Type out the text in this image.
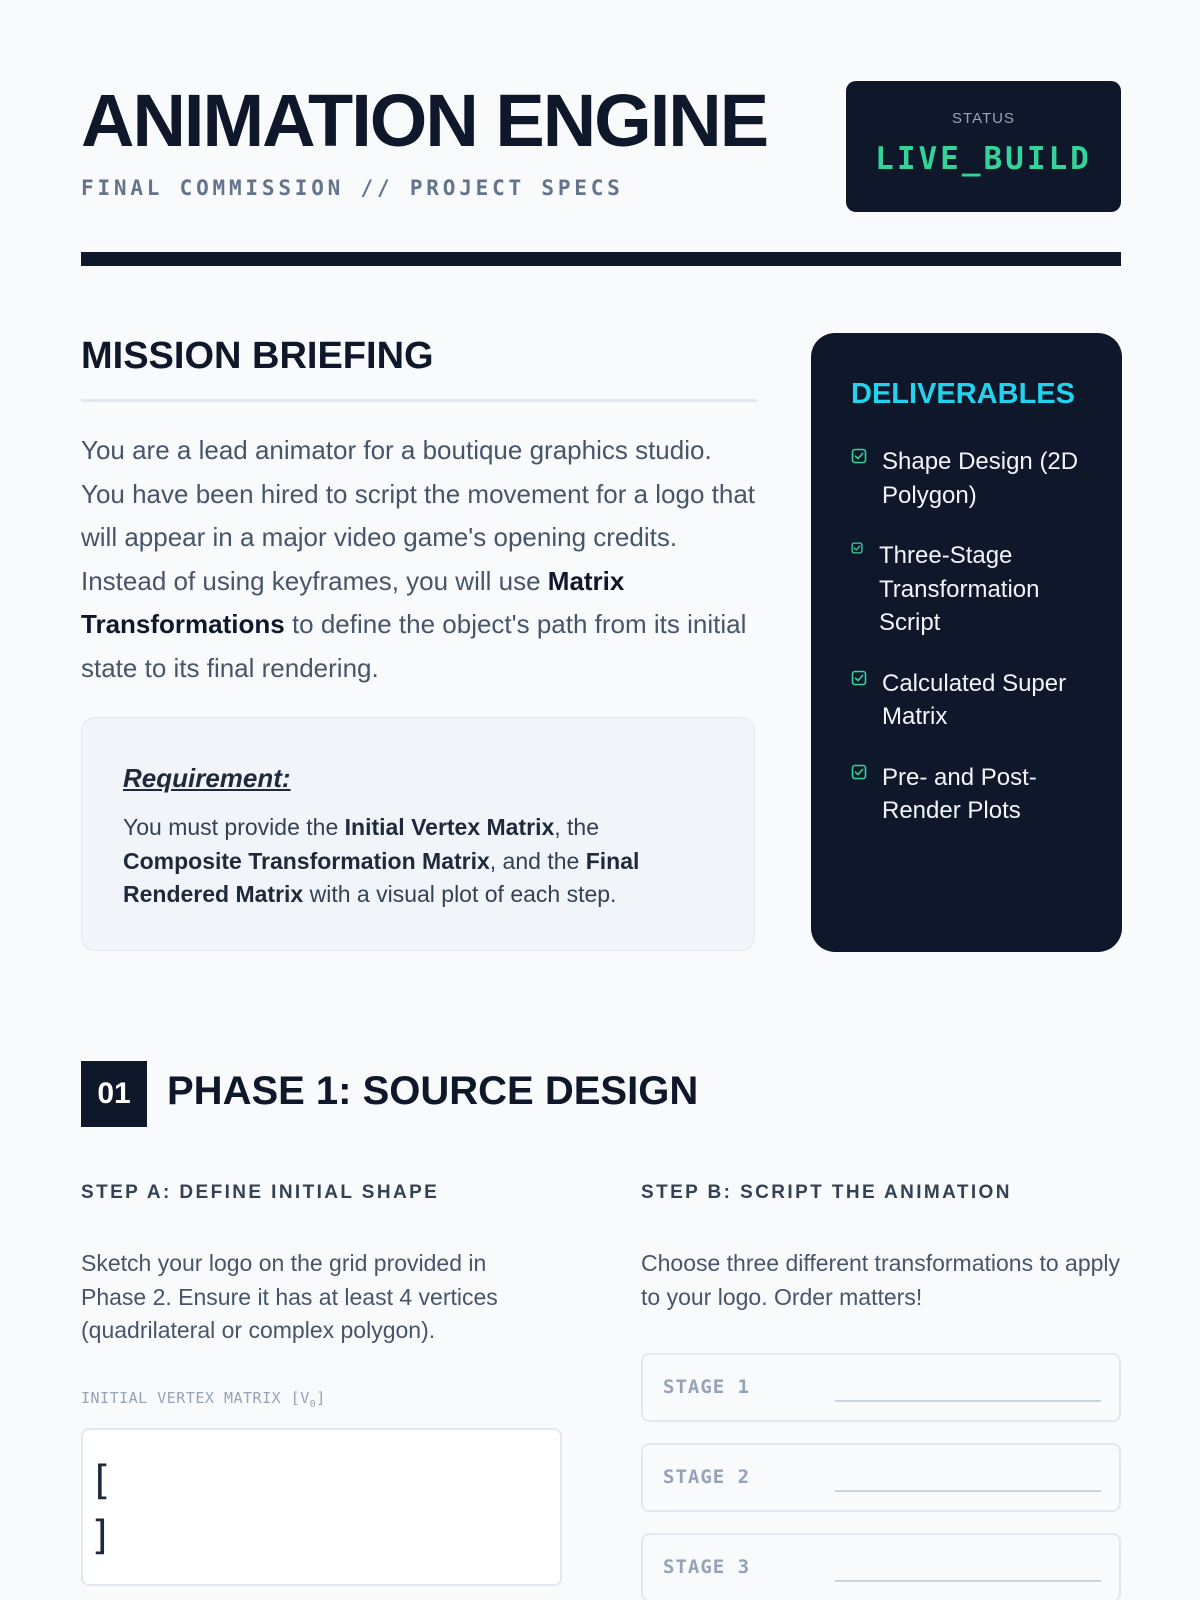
ANIMATION ENGINE
FINAL COMMISSION // PROJECT SPECS
STATUS
LIVE_BUILD
MISSION BRIEFING

You are a lead animator for a boutique graphics studio. You have been hired to script the movement for a logo that will appear in a major video game's opening credits. Instead of using keyframes, you will use Matrix Transformations to define the object's path from its initial state to its final rendering.

Requirement:

You must provide the Initial Vertex Matrix, the Composite Transformation Matrix, and the Final Rendered Matrix with a visual plot of each step.

DELIVERABLES
Shape Design (2D Polygon)
Three-Stage Transformation Script
Calculated Super Matrix
Pre- and Post-Render Plots
01 PHASE 1: SOURCE DESIGN
STEP A: DEFINE INITIAL SHAPE

Sketch your logo on the grid provided in Phase 2. Ensure it has at least 4 vertices (quadrilateral or complex polygon).

INITIAL VERTEX MATRIX $[V_0]$
[
]
STEP B: SCRIPT THE ANIMATION

Choose three different transformations to apply to your logo. Order matters!

STAGE 1
STAGE 2
STAGE 3
